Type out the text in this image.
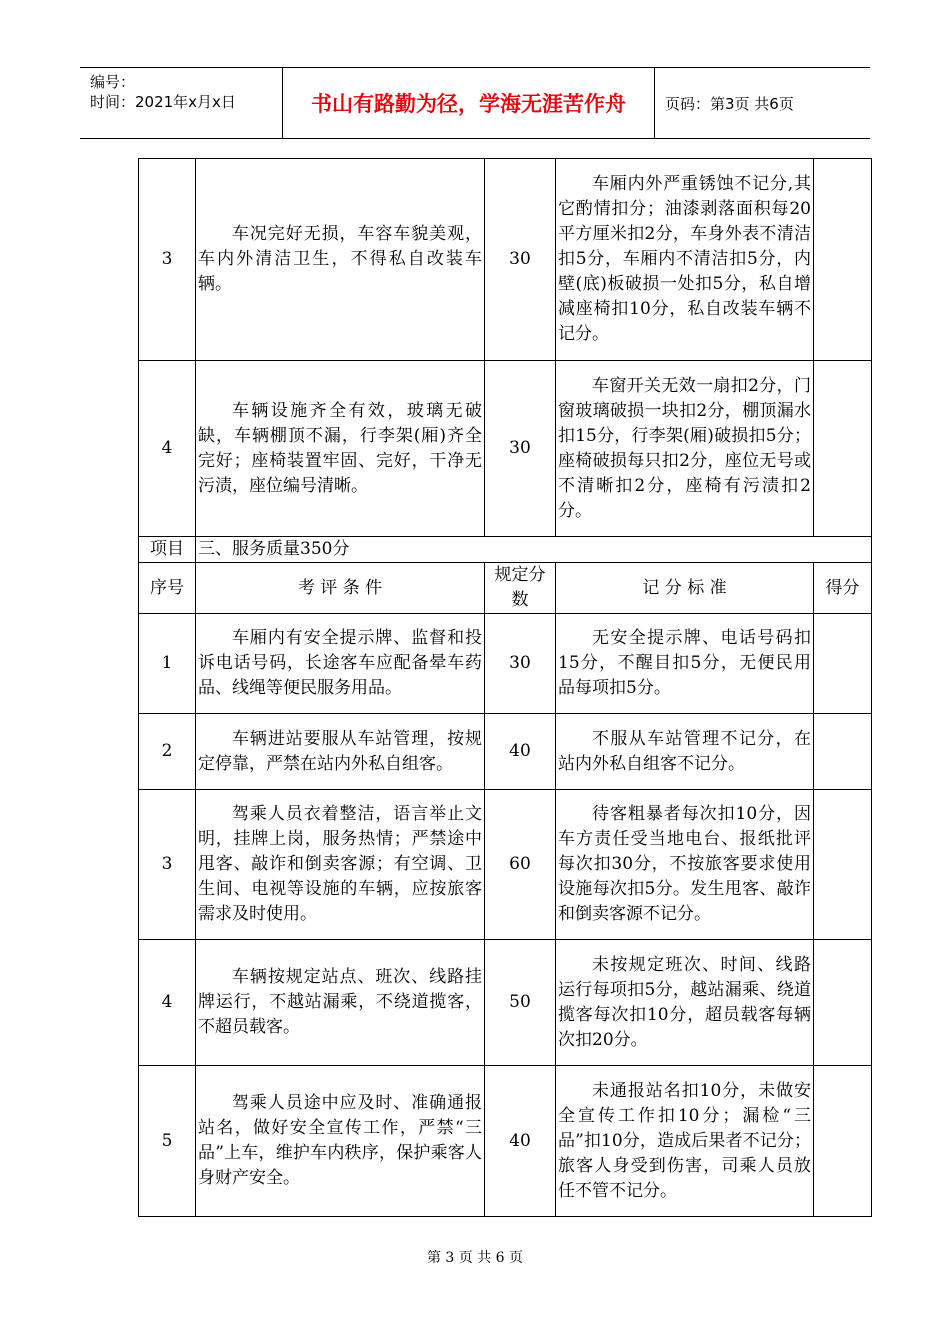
编号：
时间：2021年x月x日	书山有路勤为径，学海无涯苦作舟	页码：第3页 共6页
3	车况完好无损，车容车貌美观，车内外清洁卫生，不得私自改装车辆。	30	车厢内外严重锈蚀不记分,其它酌情扣分；油漆剥落面积每20平方厘米扣2分，车身外表不清洁扣5分，车厢内不清洁扣5分，内壁(底)板破损一处扣5分，私自增减座椅扣10分，私自改装车辆不记分。	

4	车辆设施齐全有效，玻璃无破缺，车辆棚顶不漏，行李架(厢)齐全完好；座椅装置牢固、完好，干净无污渍，座位编号清晰。	30	车窗开关无效一扇扣2分，门窗玻璃破损一块扣2分，棚顶漏水扣15分，行李架(厢)破损扣5分；座椅破损每只扣2分，座位无号或不清晰扣2分，座椅有污渍扣2分。	

项目	三、服务质量350分			
序号	考 评 条 件	规定分数	记 分 标 准	得分
1	车厢内有安全提示牌、监督和投诉电话号码，长途客车应配备晕车药品、线绳等便民服务用品。	30	无安全提示牌、电话号码扣15分，不醒目扣5分，无便民用品每项扣5分。	

2	车辆进站要服从车站管理，按规定停靠，严禁在站内外私自组客。	40	不服从车站管理不记分，在站内外私自组客不记分。	

3	驾乘人员衣着整洁，语言举止文明，挂牌上岗，服务热情；严禁途中甩客、敲诈和倒卖客源；有空调、卫生间、电视等设施的车辆，应按旅客需求及时使用。	60	待客粗暴者每次扣10分，因车方责任受当地电台、报纸批评每次扣30分，不按旅客要求使用设施每次扣5分。发生甩客、敲诈和倒卖客源不记分。	

4	车辆按规定站点、班次、线路挂牌运行，不越站漏乘，不绕道揽客，不超员载客。	50	未按规定班次、时间、线路运行每项扣5分，越站漏乘、绕道揽客每次扣10分，超员载客每辆次扣20分。	

5	驾乘人员途中应及时、准确通报站名，做好安全宣传工作，严禁“三品”上车，维护车内秩序，保护乘客人身财产安全。	40	未通报站名扣10分，未做安全宣传工作扣10分；漏检“三品”扣10分，造成后果者不记分；旅客人身受到伤害，司乘人员放任不管不记分。	

第 3 页 共 6 页
